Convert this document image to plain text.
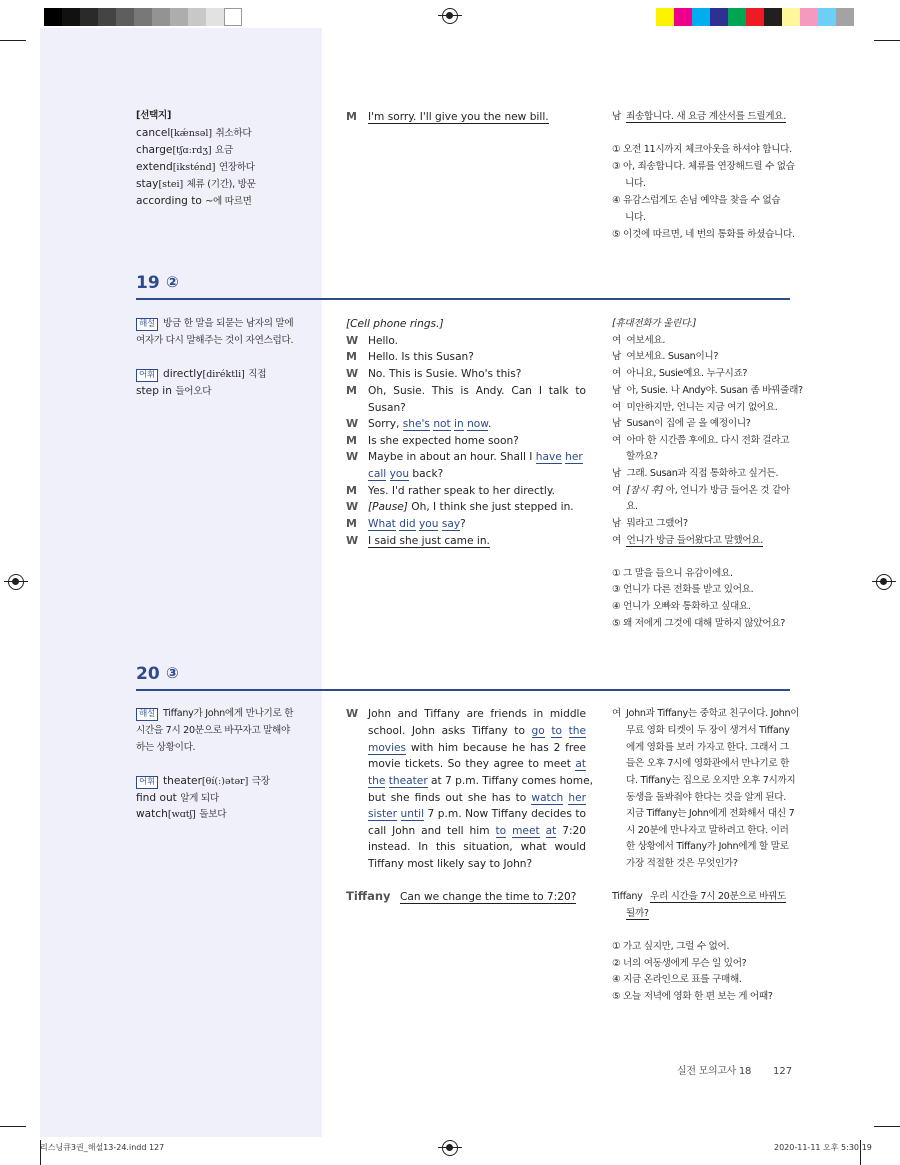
[선택지]
cancel[kǽnsəl] 취소하다
charge[tʃɑːrdʒ] 요금
extend[iksténd] 연장하다
stay[stei] 체류 (기간), 방문
according to ~에 따르면
M I'm sorry. I'll give you the new bill.	남 죄송합니다. 새 요금 계산서를 드릴게요.
① 오전 11시까지 체크아웃을 하셔야 합니다.
③ 아, 죄송합니다. 체류를 연장해드릴 수 없습
니다.
④ 유감스럽게도 손님 예약을 찾을 수 없습
니다.
⑤ 이것에 따르면, 네 번의 통화를 하셨습니다.
19 ②
해설 방금 한 말을 되묻는 남자의 말에
여자가 다시 말해주는 것이 자연스럽다.
어휘 directly[diréktli] 직접
step in 들어오다
[Cell phone rings.]
W Hello.
M Hello. Is this Susan?
W No. This is Susie. Who's this?
M Oh, Susie. This is Andy. Can I talk to
Susan?
W Sorry, she's not in now.
M Is she expected home soon?
W Maybe in about an hour. Shall I have her
call you back?
M Yes. I'd rather speak to her directly.
W [Pause] Oh, I think she just stepped in.
M What did you say?
W I said she just came in.
[휴대전화가 울린다.]
여 여보세요.
남 여보세요. Susan이니?
여 아니요, Susie예요. 누구시죠?
남 아, Susie. 나 Andy야. Susan 좀 바꿔줄래?
여 미안하지만, 언니는 지금 여기 없어요.
남 Susan이 집에 곧 올 예정이니?
여 아마 한 시간쯤 후에요. 다시 전화 걸라고
할까요?
남 그래. Susan과 직접 통화하고 싶거든.
여 [잠시 후] 아, 언니가 방금 들어온 것 같아
요.
남 뭐라고 그랬어?
여 언니가 방금 들어왔다고 말했어요.
① 그 말을 들으니 유감이에요.
③ 언니가 다른 전화를 받고 있어요.
④ 언니가 오빠와 통화하고 싶대요.
⑤ 왜 저에게 그것에 대해 말하지 않았어요?
20 ③
해설 Tiffany가 John에게 만나기로 한
시간을 7시 20분으로 바꾸자고 말해야
하는 상황이다.
어휘 theater[θí(ː)ətər] 극장
find out 알게 되다
watch[wɑtʃ] 돌보다
W John and Tiffany are friends in middle
school. John asks Tiffany to go to the
movies with him because he has 2 free
movie tickets. So they agree to meet at
the theater at 7 p.m. Tiffany comes home,
but she finds out she has to watch her
sister until 7 p.m. Now Tiffany decides to
call John and tell him to meet at 7:20
instead. In this situation, what would
Tiffany most likely say to John?
Tiffany Can we change the time to 7:20?
여 John과 Tiffany는 중학교 친구이다. John이
무료 영화 티켓이 두 장이 생겨서 Tiffany
에게 영화를 보러 가자고 한다. 그래서 그
들은 오후 7시에 영화관에서 만나기로 한
다. Tiffany는 집으로 오지만 오후 7시까지
동생을 돌봐줘야 한다는 것을 알게 된다.
지금 Tiffany는 John에게 전화해서 대신 7
시 20분에 만나자고 말하려고 한다. 이러
한 상황에서 Tiffany가 John에게 할 말로
가장 적절한 것은 무엇인가?
Tiffany 우리 시간을 7시 20분으로 바꿔도
될까?
① 가고 싶지만, 그럴 수 없어.
② 너의 여동생에게 무슨 일 있어?
④ 지금 온라인으로 표를 구매해.
⑤ 오늘 저녁에 영화 한 편 보는 게 어때?
실전 모의고사 18 127
리스닝큐3권_해설13-24.indd 127	2020-11-11 오후 5:30:19
